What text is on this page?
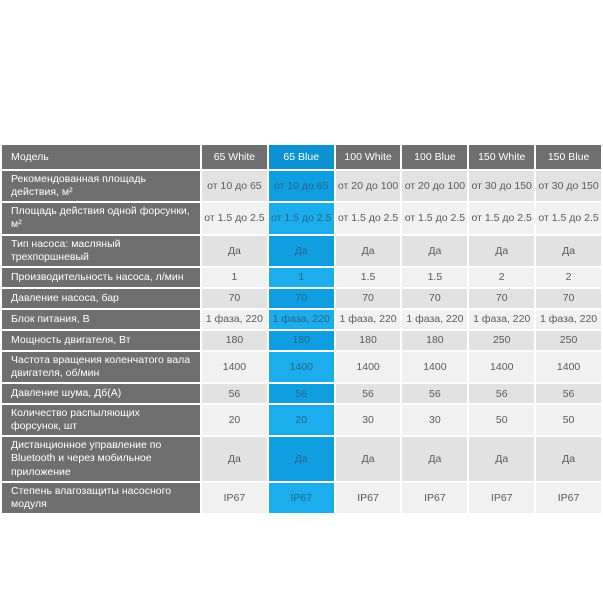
Модель	65 White	65 Blue	100 White	100 Blue	150 White	150 Blue
Рекомендованная площадь действия, м²	от 10 до 65	от 10 до 65	от 20 до 100	от 20 до 100	от 30 до 150	от 30 до 150
Площадь действия одной форсунки, м²	от 1.5 до 2.5	от 1.5 до 2.5	от 1.5 до 2.5	от 1.5 до 2.5	от 1.5 до 2.5	от 1.5 до 2.5
Тип насоса: масляный трехпоршневый	Да	Да	Да	Да	Да	Да
Производительность насоса, л/мин	1	1	1.5	1.5	2	2
Давление насоса, бар	70	70	70	70	70	70
Блок питания, В	1 фаза, 220	1 фаза, 220	1 фаза, 220	1 фаза, 220	1 фаза, 220	1 фаза, 220
Мощность двигателя, Вт	180	180	180	180	250	250
Частота вращения коленчатого вала двигателя, об/мин	1400	1400	1400	1400	1400	1400
Давление шума, Дб(А)	56	56	56	56	56	56
Количество распыляющих форсунок, шт	20	20	30	30	50	50
Дистанционное управление по Bluetooth и через мобильное приложение	Да	Да	Да	Да	Да	Да
Степень влагозащиты насосного модуля	IP67	IP67	IP67	IP67	IP67	IP67
